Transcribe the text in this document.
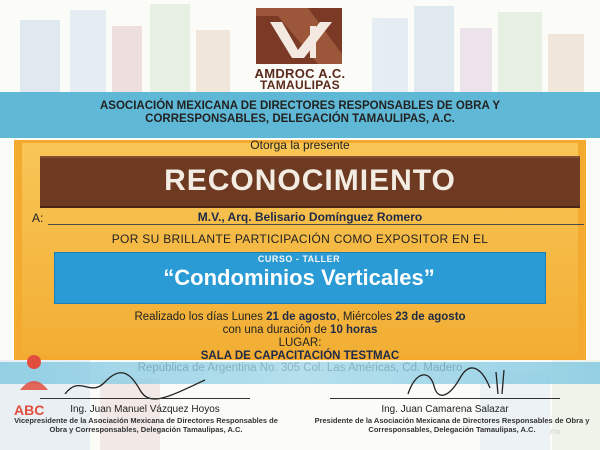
AMDROC A.C.
TAMAULIPAS
ASOCIACIÓN MEXICANA DE DIRECTORES RESPONSABLES DE OBRA Y CORRESPONSABLES, DELEGACIÓN TAMAULIPAS, A.C.
Otorga la presente
RECONOCIMIENTO
A:	M.V., Arq. Belisario Domínguez Romero
POR SU BRILLANTE PARTICIPACIÓN COMO EXPOSITOR EN EL
CURSO - TALLER
“Condominios Verticales”
Realizado los días Lunes 21 de agosto, Miércoles 23 de agosto
con una duración de 10 horas
LUGAR:
SALA DE CAPACITACIÓN TESTMAC

ABC	Ing. Juan Manuel Vázquez Hoyos
Vicepresidente de la Asociación Mexicana de Directores Responsables de Obra y Corresponsables, Delegación Tamaulipas, A.C.
Ing. Juan Camarena Salazar
Presidente de la Asociación Mexicana de Directores Responsables de Obra y Corresponsables, Delegación Tamaulipas, A.C.	.mx
